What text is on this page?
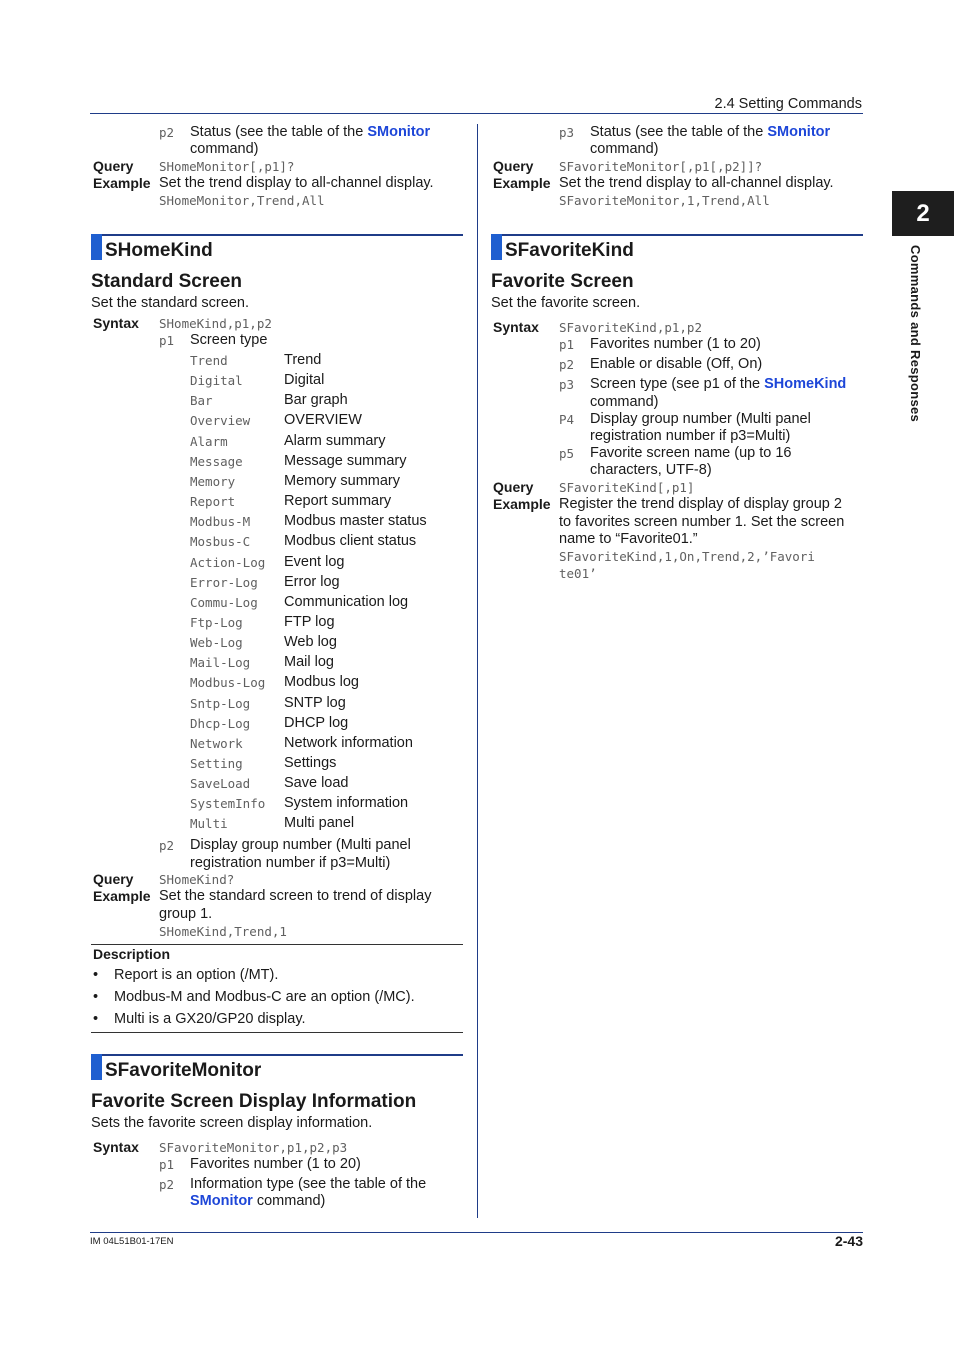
2.4 Setting Commands
2
Commands and Responses
p2 Status (see the table of the SMonitor
command)
Query SHomeMonitor[,p1]?
Example Set the trend display to all-channel display.
SHomeMonitor,Trend,All
SHomeKind
Standard Screen
Set the standard screen.
Syntax SHomeKind,p1,p2
p1 Screen type
Trend	Trend
Digital	Digital
Bar	Bar graph
Overview OVERVIEW
Alarm	Alarm summary
Message	Message summary
Memory	Memory summary
Report	Report summary
Modbus-M Modbus master status
Mosbus-C Modbus client status
Action-Log Event log
Error-Log Error log
Commu-Log Communication log
Ftp-Log	FTP log
Web-Log	Web log
Mail-Log Mail log
Modbus-Log Modbus log
Sntp-Log SNTP log
Dhcp-Log DHCP log
Network	Network information
Setting	Settings
SaveLoad Save load
SystemInfo System information
Multi	Multi panel
p2 Display group number (Multi panel
registration number if p3=Multi)
Query SHomeKind?
Example Set the standard screen to trend of display
group 1.
SHomeKind,Trend,1
Description
• Report is an option (/MT).
• Modbus-M and Modbus-C are an option (/MC).
• Multi is a GX20/GP20 display.
SFavoriteMonitor
Favorite Screen Display Information
Sets the favorite screen display information.
Syntax SFavoriteMonitor,p1,p2,p3
p1 Favorites number (1 to 20)
p2 Information type (see the table of the
SMonitor command)
p3 Status (see the table of the SMonitor
command)
Query SFavoriteMonitor[,p1[,p2]]?
Example Set the trend display to all-channel display.
SFavoriteMonitor,1,Trend,All
SFavoriteKind
Favorite Screen
Set the favorite screen.
Syntax SFavoriteKind,p1,p2
p1 Favorites number (1 to 20)
p2 Enable or disable (Off, On)
p3 Screen type (see p1 of the SHomeKind
command)
P4 Display group number (Multi panel
registration number if p3=Multi)
p5 Favorite screen name (up to 16
characters, UTF-8)
Query SFavoriteKind[,p1]
Example Register the trend display of display group 2
to favorites screen number 1. Set the screen
name to “Favorite01.”
SFavoriteKind,1,On,Trend,2,’Favori
te01’
IM 04L51B01-17EN	2-43
